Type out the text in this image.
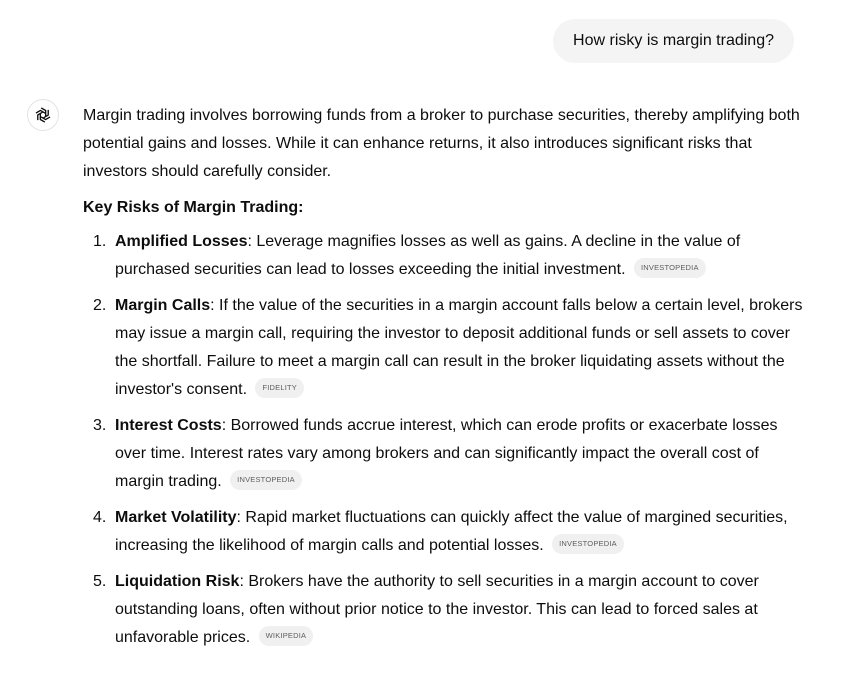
How risky is margin trading?

Margin trading involves borrowing funds from a broker to purchase securities, thereby amplifying both potential gains and losses. While it can enhance returns, it also introduces significant risks that investors should carefully consider.

Key Risks of Margin Trading:

1. Amplified Losses: Leverage magnifies losses as well as gains. A decline in the value of purchased securities can lead to losses exceeding the initial investment. INVESTOPEDIA
2. Margin Calls: If the value of the securities in a margin account falls below a certain level, brokers may issue a margin call, requiring the investor to deposit additional funds or sell assets to cover the shortfall. Failure to meet a margin call can result in the broker liquidating assets without the investor's consent. FIDELITY
3. Interest Costs: Borrowed funds accrue interest, which can erode profits or exacerbate losses over time. Interest rates vary among brokers and can significantly impact the overall cost of margin trading. INVESTOPEDIA
4. Market Volatility: Rapid market fluctuations can quickly affect the value of margined securities, increasing the likelihood of margin calls and potential losses. INVESTOPEDIA
5. Liquidation Risk: Brokers have the authority to sell securities in a margin account to cover outstanding loans, often without prior notice to the investor. This can lead to forced sales at unfavorable prices. WIKIPEDIA
